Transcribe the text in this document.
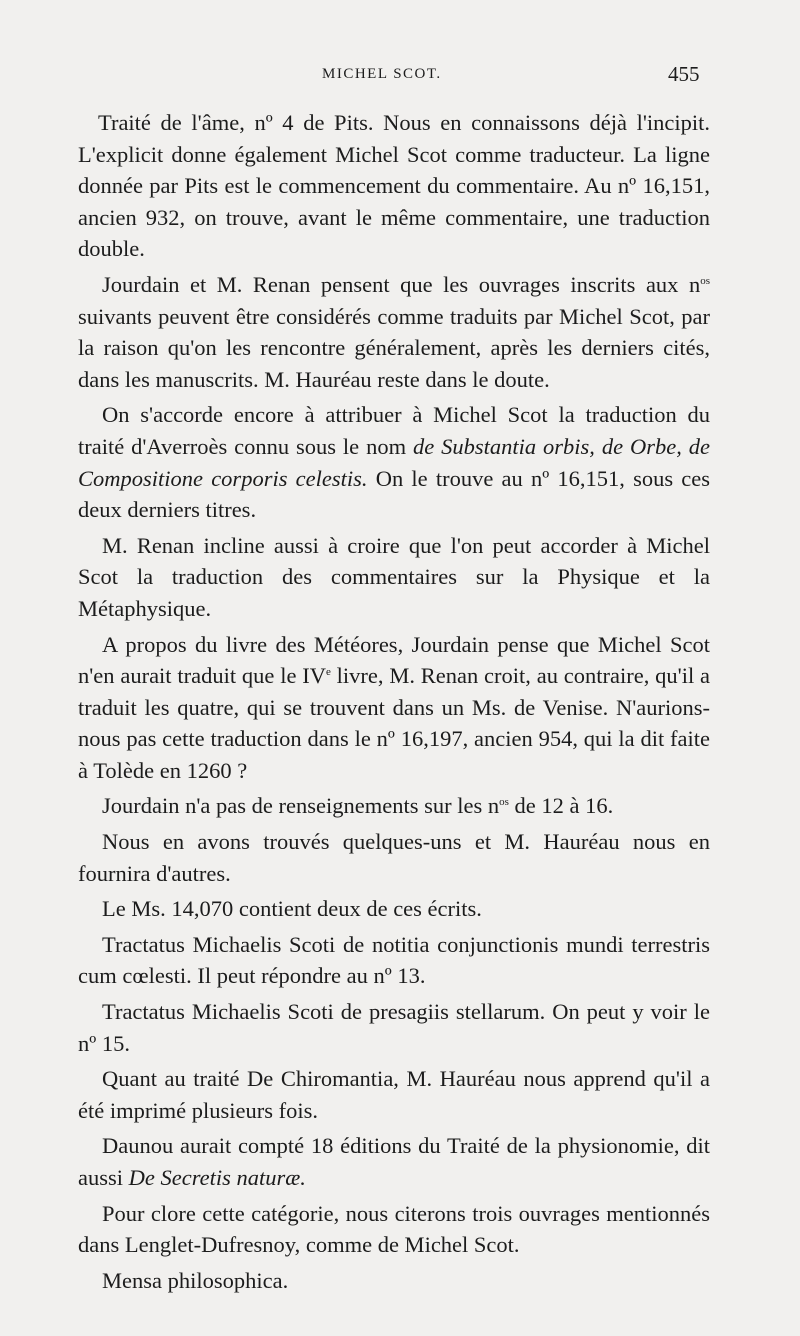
MICHEL SCOT.	455

Traité de l'âme, nº 4 de Pits. Nous en connaissons déjà l'incipit. L'explicit donne également Michel Scot comme traducteur. La ligne donnée par Pits est le commencement du commentaire. Au nº 16,151, ancien 932, on trouve, avant le même commentaire, une traduction double.

Jourdain et M. Renan pensent que les ouvrages inscrits aux $n^{os}$ suivants peuvent être considérés comme traduits par Michel Scot, par la raison qu'on les rencontre généralement, après les derniers cités, dans les manuscrits. M. Hauréau reste dans le doute.

On s'accorde encore à attribuer à Michel Scot la traduction du traité d'Averroès connu sous le nom de Substantia orbis, de Orbe, de Compositione corporis celestis. On le trouve au nº 16,151, sous ces deux derniers titres.

M. Renan incline aussi à croire que l'on peut accorder à Michel Scot la traduction des commentaires sur la Physique et la Métaphysique.

A propos du livre des Météores, Jourdain pense que Michel Scot n'en aurait traduit que le IVe livre, M. Renan croit, au contraire, qu'il a traduit les quatre, qui se trouvent dans un Ms. de Venise. N'aurions-nous pas cette traduction dans le nº 16,197, ancien 954, qui la dit faite à Tolède en 1260 ?

Jourdain n'a pas de renseignements sur les $n^{os}$ de 12 à 16.

Nous en avons trouvés quelques-uns et M. Hauréau nous en fournira d'autres.

Le Ms. 14,070 contient deux de ces écrits.

Tractatus Michaelis Scoti de notitia conjunctionis mundi terrestris cum cœlesti. Il peut répondre au nº 13.

Tractatus Michaelis Scoti de presagiis stellarum. On peut y voir le nº 15.

Quant au traité De Chiromantia, M. Hauréau nous apprend qu'il a été imprimé plusieurs fois.

Daunou aurait compté 18 éditions du Traité de la physionomie, dit aussi De Secretis naturæ.

Pour clore cette catégorie, nous citerons trois ouvrages mentionnés dans Lenglet-Dufresnoy, comme de Michel Scot.

Mensa philosophica.
